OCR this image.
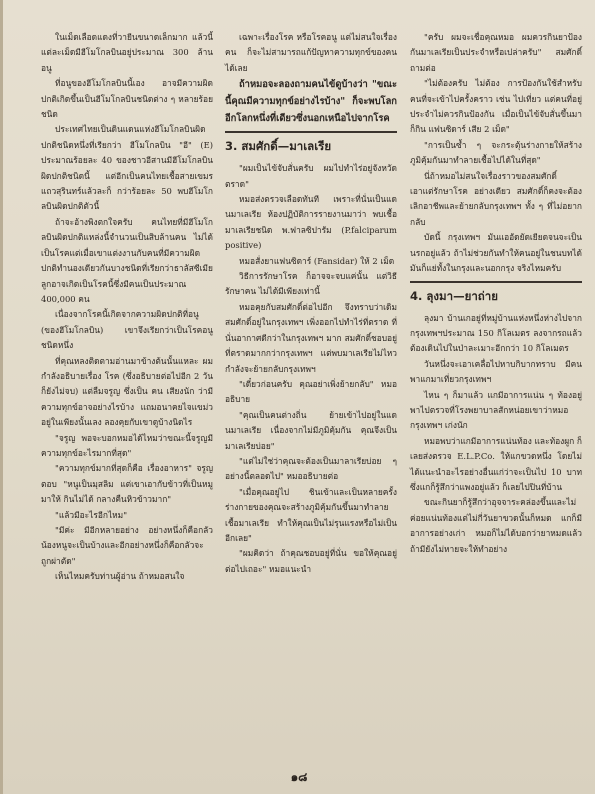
ในเม็ดเลือดแดงที่วายีนขนาดเล็กมาก แล้วนี้ แต่ละเม็ดมีฮีโมโกลบินอยู่ประมาณ 300 ล้าน อนู

ที่อนูของฮีโมโกลบินนี้เอง อาจมีความผิดปกติเกิดขึ้นเป็นฮีโมโกลบินชนิดต่าง ๆ หลายร้อยชนิด

ประเทศไทยเป็นดินแดนแห่งฮีโมโกลบินผิดปกติชนิดหนึ่งที่เรียกว่า ฮีโมโกลบิน "อี" (E) ประมาณร้อยละ 40 ของชาวอีสานมีฮีโมโกลบินผิดปกติชนิดนี้ แต่อีกเป็นคนไทยเชื้อสายเขมรแถวสุรินทร์แล้วละก็ กว่าร้อยละ 50 พบฮีโมโกลบินผิดปกติตัวนี้

ถ้าจะอ้างพิงตกใจครับ คนไทยที่มีฮีโมโกลบินผิดปกติแหล่งนี้จำนวนเป็นสิบล้านคน ไม่ได้เป็นโรคแต่เมื่อเขาแต่งงานกับคนที่มีความผิดปกติทำนองเดียวกันบางชนิดที่เรียกว่าธาลัสซีเมีย ลูกอาจเกิดเป็นโรคนี้ซึ่งมีคนเป็นประมาณ 400,000 คน

เนื่องจากโรคนี้เกิดจากความผิดปกติที่อนู (ของฮีโมโกลบิน) เขาจึงเรียกว่าเป็นโรคอนู ชนิดหนึ่ง

ที่คุณหลงติดตามอ่านมาข้างต้นนั้นแหละ ผมกำลังอธิบายเรื่อง โรค (ซึ่งอธิบายต่อไปอีก 2 วันก็ยังไม่จบ) แต่ลืมจรูญ ซึ่งเป็น คน เสียงนัก ว่ามีความทุกข์อาจอย่างไรบ้าง แถมอนาคยไจแขม่วอยู่ในเพียงนั้นเลง ลองคุยกับเขาดูบ้างนิดไร

"จรูญ พอจะบอกหมอได้ไหมว่าขณะนี้จรูญมีความทุกข์อะไรมากที่สุด"

"ความทุกข์มากที่สุดก็คือ เรื่องอาหาร" จรูญตอบ "หนูเป็นมุสลิม แต่เขาเอากับข้าวที่เป็นหมูมาให้ กินไม่ได้ กลางคืนหิวข้าวมาก"

"แล้วมีอะไรอีกไหม"

"มีค่ะ มีอีกหลายอย่าง อย่างหนึ่งก็คือกลัวน้องหนูจะเป็นบ้างและอีกอย่างหนึ่งก็คือกลัวจะถูกผ่าตัด"

เห็นไหมครับท่านผู้อ่าน ถ้าหมอสนใจ

เฉพาะเรื่องโรค หรือโรคอนู แต่ไม่สนใจเรื่องคน ก็จะไม่สามารถแก้ปัญหาความทุกข์ของคนได้เลย

ถ้าหมอจะลองถามคนไข้ดูบ้างว่า "ขณะนี้คุณมีความทุกข์อย่างไรบ้าง" ก็จะพบโลกอีกโลกหนึ่งที่เดียวซึ่งนอกเหนือไปจากโรค

3. สมศักดิ์—มาเลเรีย

"ผมเป็นไข้จับสั่นครับ ผมไปทำไร่อยู่จังหวัดตราด"

หมอส่งตรวจเลือดทันที เพราะที่นั่นเป็นแดนมาเลเรีย ห้องปฏิบัติการรายงานมาว่า พบเชื้อมาเลเรียชนิด พ.ฟาลซิปารัม (P.falciparum positive)

หมอสั่งยาแฟนซิดาร์ (Fansidar) ให้ 2 เม็ด

วิธีการรักษาโรค ก็อาจจะจบแค่นั้น แต่วิธีรักษาคน ไม่ได้มีเพียงเท่านี้

หมอคุยกับสมศักดิ์ต่อไปอีก จึงทราบว่าเดิมสมศักดิ์อยู่ในกรุงเทพฯ เพิ่งออกไปทำไร่ที่ตราด ที่นั่นอากาศดีกว่าในกรุงเทพฯ มาก สมศักดิ์ชอบอยู่ที่ตราดมากกว่ากรุงเทพฯ แต่พบมาเลเรียไม่ไหว กำลังจะย้ายกลับกรุงเทพฯ

"เดี๋ยวก่อนครับ คุณอย่าเพิ่งย้ายกลับ" หมออธิบาย

"คุณเป็นคนต่างถิ่น ย้ายเข้าไปอยู่ในแดนมาเลเรีย เนื่องจากไม่มีภูมิคุ้มกัน คุณจึงเป็นมาเลเรียบ่อย"

"แต่ไม่ใช่ว่าคุณจะต้องเป็นมาลาเรียบ่อย ๆ อย่างนี้ตลอดไป" หมออธิบายต่อ

"เมื่อคุณอยู่ไป ชินเข้าและเป็นหลายครั้ง ร่างกายของคุณจะสร้างภูมิคุ้มกันขึ้นมาทำลายเชื้อมาเลเรีย ทำให้คุณเป็นไม่รุนแรงหรือไม่เป็นอีกเลย"

"ผมคิดว่า ถ้าคุณชอบอยู่ที่นั่น ขอให้คุณอยู่ต่อไปเถอะ" หมอแนะนำ

"ครับ ผมจะเชื่อคุณหมอ ผมควรกินยาป้องกันมาเลเรียเป็นประจำหรือเปล่าครับ" สมศักดิ์ถามต่อ

"ไม่ต้องครับ ไม่ต้อง การป้องกันใช้สำหรับคนที่จะเข้าไปครั้งคราว เช่น ไปเที่ยว แต่คนที่อยู่ประจำไม่ควรกินป้องกัน เมื่อเป็นไข้จับสั่นขึ้นมาก็กิน แฟนซิดาร์ เสีย 2 เม็ด"

"การเป็นซ้ำ ๆ จะกระตุ้นร่างกายให้สร้างภูมิคุ้มกันมาทำลายเชื้อไปได้ในที่สุด"

นี่ถ้าหมอไม่สนใจเรื่องราวของสมศักดิ์ เอาแต่รักษาโรค อย่างเดียว สมศักดิ์ก็คงจะต้องเลิกอาชีพและย้ายกลับกรุงเทพฯ ทั้ง ๆ ที่ไม่อยากกลับ

บัดนี้ กรุงเทพฯ มันแออัดยัดเยียดจนจะเป็นนรกอยู่แล้ว ถ้าไม่ช่วยกันทำให้คนอยู่ในชนบทได้ มันก็แย่ทั้งในกรุงและนอกกรุง จริงไหมครับ

4. ลุงมา—ยาถ่าย

ลุงมา บ้านเกอยู่ที่หมู่บ้านแห่งหนึ่งห่างไปจากกรุงเทพฯประมาณ 150 กิโลเมตร ลงจากรถแล้วต้องเดินไปในป่าละเมาะอีกกว่า 10 กิโลเมตร

วันหนึ่งจะเอาเคลื่อไปหาบกิบากทราบ มีคนพาแกมาเที่ยวกรุงเทพฯ

ไหน ๆ ก็มาแล้ว แกมีอาการแน่น ๆ ท้องอยู่ พาไปตรวจที่โรงพยาบาลสักหน่อยเขาว่าหมอกรุงเทพฯ เก่งนัก

หมอพบว่าแกมีอาการแน่นท้อง และท้องผูก ก็เลยส่งตรวจ E.L.P.Co. ให้แกขวดหนึ่ง โดยไม่ได้แนะนำอะไรอย่างอื่นแก่ว่าจะเป็นไป 10 บาท ซึ่งแกก็รู้สึกว่าแพงอยู่แล้ว ก็เลยไปปินที่บ้าน

ขณะกินยาก็รู้สึกว่าอุจจาระคล่องขึ้นและไม่ค่อยแน่นท้องแต่ไม่กี่วันยาขวดนั้นก็หมด แกก็มีอาการอย่างเก่า หมอก็ไม่ได้บอกว่ายาหมดแล้ว ถ้ามียังไม่หายจะให้ทำอย่าง

๑๘
